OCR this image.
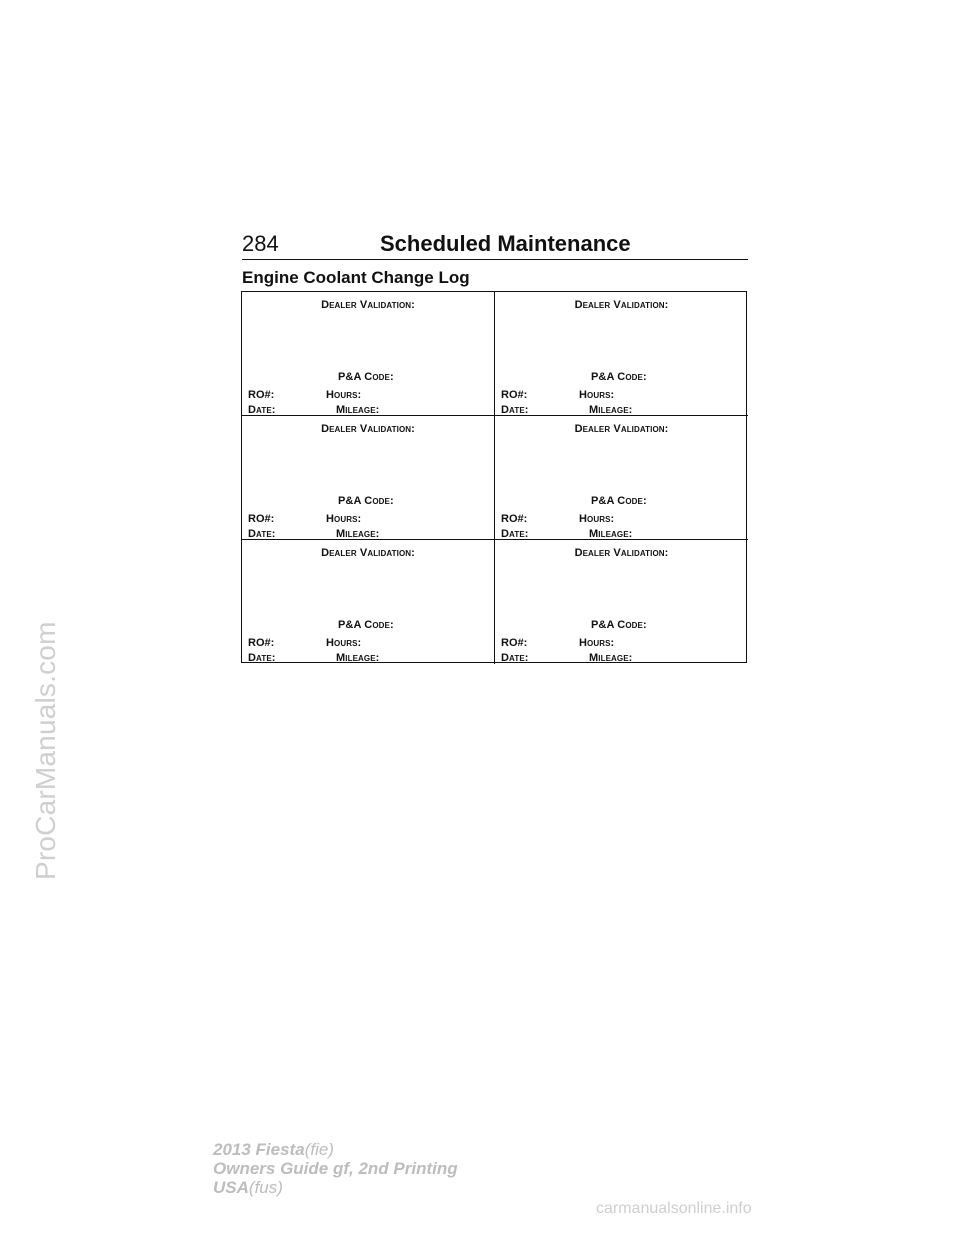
ProCarManuals.com
284	Scheduled Maintenance
Engine Coolant Change Log
Dealer Validation:
P&A Code:
RO#:	Hours:
Date:	Mileage:
Dealer Validation:
P&A Code:
RO#:	Hours:
Date:	Mileage:
Dealer Validation:
P&A Code:
RO#:	Hours:
Date:	Mileage:
Dealer Validation:
P&A Code:
RO#:	Hours:
Date:	Mileage:
Dealer Validation:
P&A Code:
RO#:	Hours:
Date:	Mileage:
Dealer Validation:
P&A Code:
RO#:	Hours:
Date:	Mileage:
2013 Fiesta(fie)
Owners Guide gf, 2nd Printing
USA(fus)
carmanualsonline.info
